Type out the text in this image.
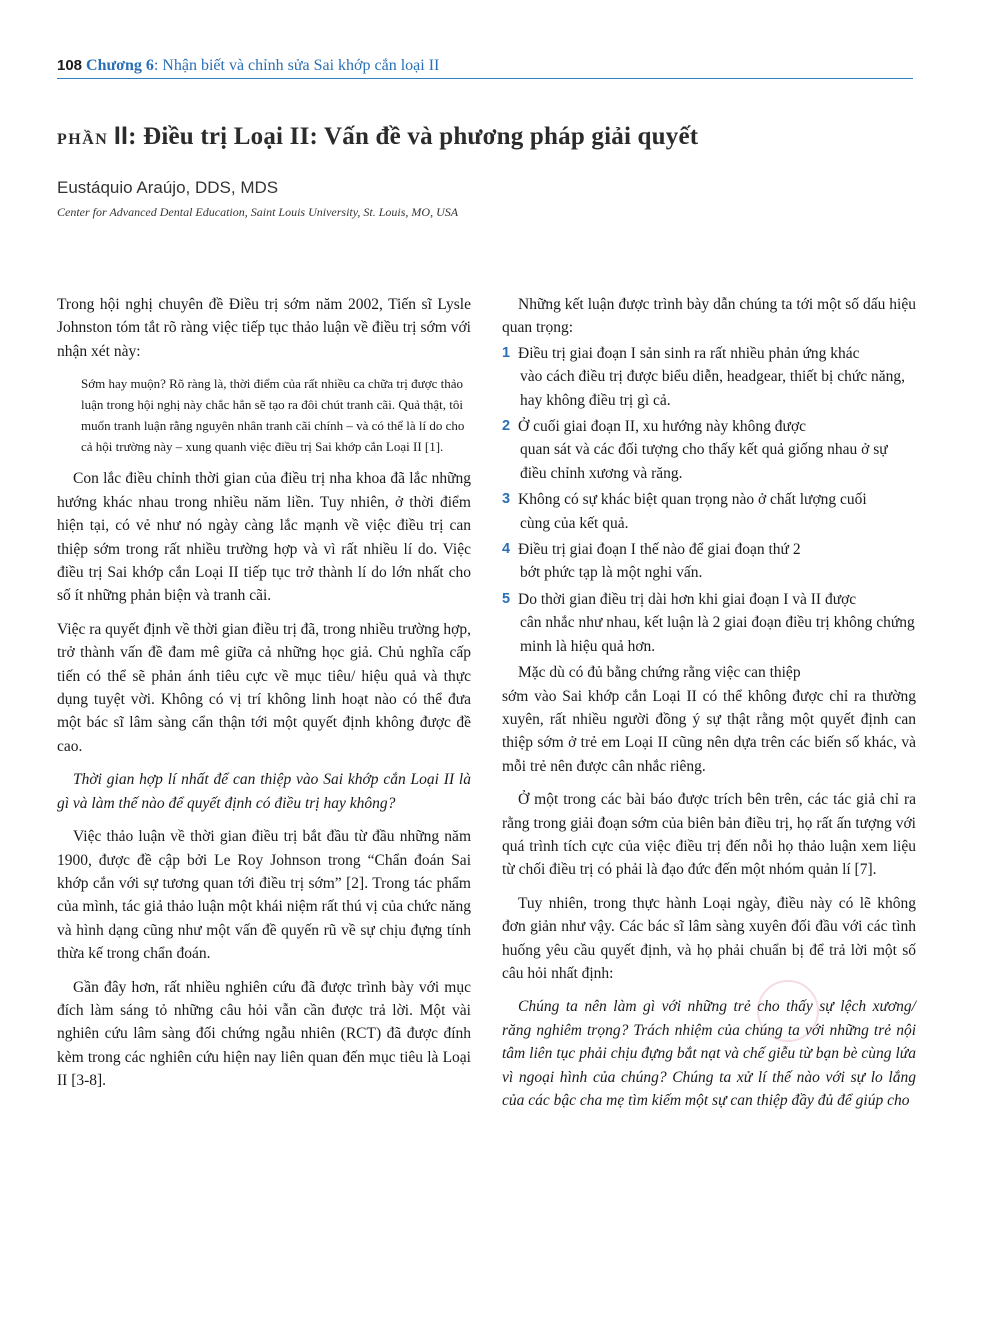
108 Chương 6: Nhận biết và chỉnh sửa Sai khớp cắn loại II
PHẦN II: Điều trị Loại II: Vấn đề và phương pháp giải quyết
Eustáquio Araújo, DDS, MDS
Center for Advanced Dental Education, Saint Louis University, St. Louis, MO, USA

Trong hội nghị chuyên đề Điều trị sớm năm 2002, Tiến sĩ Lysle Johnston tóm tắt rõ ràng việc tiếp tục thảo luận về điều trị sớm với nhận xét này:

Sớm hay muộn? Rõ ràng là, thời điểm của rất nhiều ca chữa trị được thảo luận trong hội nghị này chắc hẳn sẽ tạo ra đôi chút tranh cãi. Quả thật, tôi muốn tranh luận rằng nguyên nhân tranh cãi chính – và có thể là lí do cho cả hội trường này – xung quanh việc điều trị Sai khớp cắn Loại II [1].

Con lắc điều chỉnh thời gian của điều trị nha khoa đã lắc những hướng khác nhau trong nhiều năm liền. Tuy nhiên, ở thời điểm hiện tại, có vẻ như nó ngày càng lắc mạnh về việc điều trị can thiệp sớm trong rất nhiều trường hợp và vì rất nhiều lí do. Việc điều trị Sai khớp cắn Loại II tiếp tục trở thành lí do lớn nhất cho số ít những phản biện và tranh cãi.

Việc ra quyết định về thời gian điều trị đã, trong nhiều trường hợp, trở thành vấn đề đam mê giữa cả những học giả. Chủ nghĩa cấp tiến có thể sẽ phản ánh tiêu cực về mục tiêu/ hiệu quả và thực dụng tuyệt vời. Không có vị trí không linh hoạt nào có thể đưa một bác sĩ lâm sàng cẩn thận tới một quyết định không được đề cao.

Thời gian hợp lí nhất để can thiệp vào Sai khớp cắn Loại II là gì và làm thế nào để quyết định có điều trị hay không?

Việc thảo luận về thời gian điều trị bắt đầu từ đầu những năm 1900, được đề cập bởi Le Roy Johnson trong “Chẩn đoán Sai khớp cắn với sự tương quan tới điều trị sớm” [2]. Trong tác phẩm của mình, tác giả thảo luận một khái niệm rất thú vị của chức năng và hình dạng cũng như một vấn đề quyến rũ về sự chịu đựng tính thừa kế trong chẩn đoán.

Gần đây hơn, rất nhiều nghiên cứu đã được trình bày với mục đích làm sáng tỏ những câu hỏi vẫn cần được trả lời. Một vài nghiên cứu lâm sàng đối chứng ngẫu nhiên (RCT) đã được đính kèm trong các nghiên cứu hiện nay liên quan đến mục tiêu là Loại II [3-8].

Những kết luận được trình bày dẫn chúng ta tới một số dấu hiệu quan trọng:

1 Điều trị giai đoạn I sản sinh ra rất nhiều phản ứng khác
vào cách điều trị được biểu diễn, headgear, thiết bị chức năng, hay không điều trị gì cả.
2 Ở cuối giai đoạn II, xu hướng này không được
quan sát và các đối tượng cho thấy kết quả giống nhau ở sự điều chỉnh xương và răng.
3 Không có sự khác biệt quan trọng nào ở chất lượng cuối
cùng của kết quả.
4 Điều trị giai đoạn I thế nào để giai đoạn thứ 2
bớt phức tạp là một nghi vấn.
5 Do thời gian điều trị dài hơn khi giai đoạn I và II được
cân nhắc như nhau, kết luận là 2 giai đoạn điều trị không chứng minh là hiệu quả hơn.

Mặc dù có đủ bằng chứng rằng việc can thiệp
sớm vào Sai khớp cắn Loại II có thể không được chỉ ra thường xuyên, rất nhiều người đồng ý sự thật rằng một quyết định can thiệp sớm ở trẻ em Loại II cũng nên dựa trên các biến số khác, và mỗi trẻ nên được cân nhắc riêng.

Ở một trong các bài báo được trích bên trên, các tác giả chỉ ra rằng trong giải đoạn sớm của biên bản điều trị, họ rất ấn tượng với quá trình tích cực của việc điều trị đến nỗi họ thảo luận xem liệu từ chối điều trị có phải là đạo đức đến một nhóm quản lí [7].

Tuy nhiên, trong thực hành Loại ngày, điều này có lẽ không đơn giản như vậy. Các bác sĩ lâm sàng xuyên đối đầu với các tình huống yêu cầu quyết định, và họ phải chuẩn bị để trả lời một số câu hỏi nhất định:

Chúng ta nên làm gì với những trẻ cho thấy sự lệch xương/ răng nghiêm trọng? Trách nhiệm của chúng ta với những trẻ nội tâm liên tục phải chịu đựng bắt nạt và chế giễu từ bạn bè cùng lứa vì ngoại hình của chúng? Chúng ta xử lí thế nào với sự lo lắng của các bậc cha mẹ tìm kiếm một sự can thiệp đầy đủ để giúp cho
